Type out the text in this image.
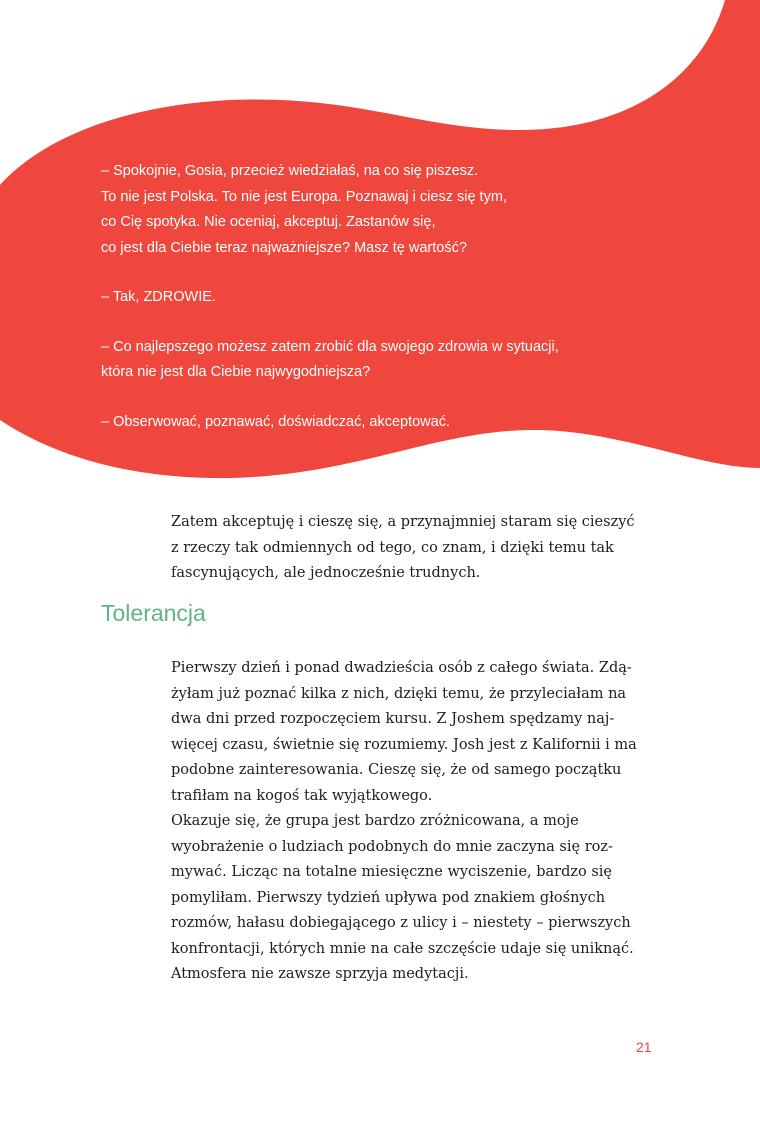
– Spokojnie, Gosia, przecież wiedziałaś, na co się piszesz.
To nie jest Polska. To nie jest Europa. Poznawaj i ciesz się tym,
co Cię spotyka. Nie oceniaj, akceptuj. Zastanów się,
co jest dla Ciebie teraz najważniejsze? Masz tę wartość?

– Tak, ZDROWIE.

– Co najlepszego możesz zatem zrobić dla swojego zdrowia w sytuacji,
która nie jest dla Ciebie najwygodniejsza?

– Obserwować, poznawać, doświadczać, akceptować.

Zatem akceptuję i cieszę się, a przynajmniej staram się cieszyć
z rzeczy tak odmiennych od tego, co znam, i dzięki temu tak
fascynujących, ale jednocześnie trudnych.

Tolerancja

Pierwszy dzień i ponad dwadzieścia osób z całego świata. Zdą-
żyłam już poznać kilka z nich, dzięki temu, że przyleciałam na
dwa dni przed rozpoczęciem kursu. Z Joshem spędzamy naj-
więcej czasu, świetnie się rozumiemy. Josh jest z Kalifornii i ma
podobne zainteresowania. Cieszę się, że od samego początku
trafiłam na kogoś tak wyjątkowego.

Okazuje się, że grupa jest bardzo zróżnicowana, a moje
wyobrażenie o ludziach podobnych do mnie zaczyna się roz-
mywać. Licząc na totalne miesięczne wyciszenie, bardzo się
pomyliłam. Pierwszy tydzień upływa pod znakiem głośnych
rozmów, hałasu dobiegającego z ulicy i – niestety – pierwszych
konfrontacji, których mnie na całe szczęście udaje się uniknąć.
Atmosfera nie zawsze sprzyja medytacji.

21
